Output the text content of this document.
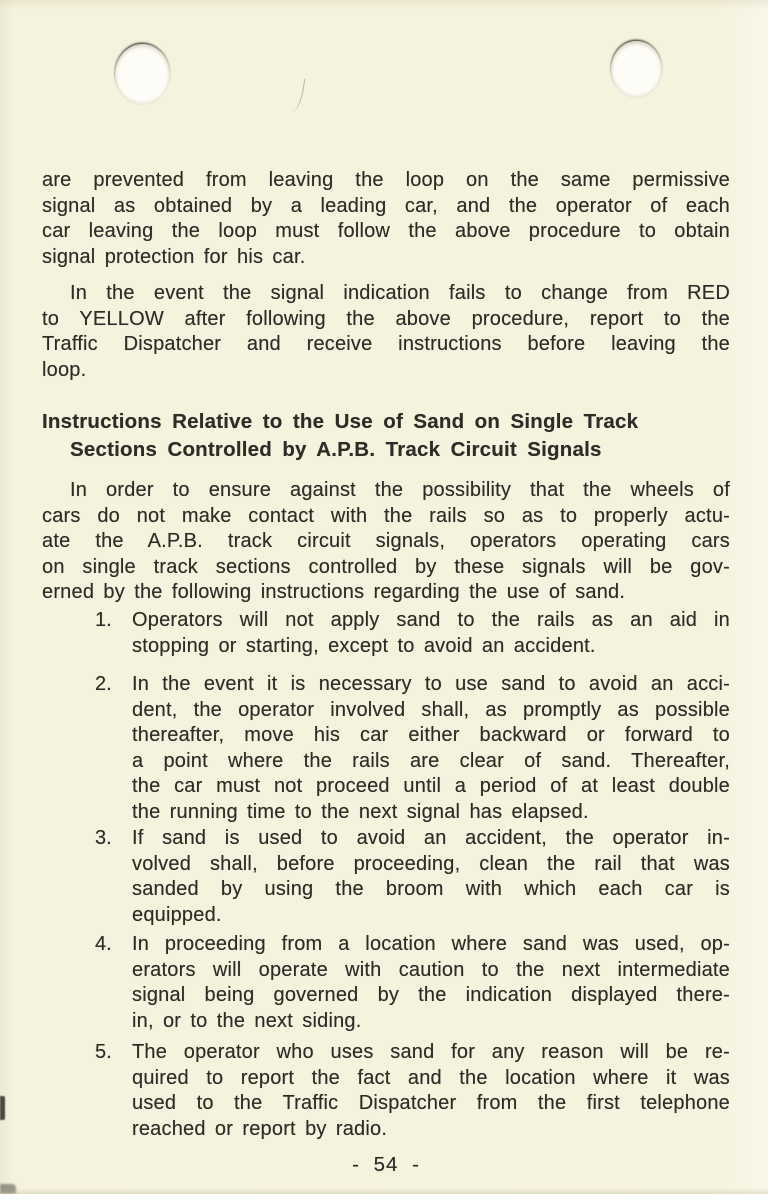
are prevented from leaving the loop on the same permissive
signal as obtained by a leading car, and the operator of each
car leaving the loop must follow the above procedure to obtain
signal protection for his car.
In the event the signal indication fails to change from RED
to YELLOW after following the above procedure, report to the
Traffic Dispatcher and receive instructions before leaving the
loop.
Instructions Relative to the Use of Sand on Single Track
Sections Controlled by A.P.B. Track Circuit Signals
In order to ensure against the possibility that the wheels of
cars do not make contact with the rails so as to properly actu-
ate the A.P.B. track circuit signals, operators operating cars
on single track sections controlled by these signals will be gov-
erned by the following instructions regarding the use of sand.
1. Operators will not apply sand to the rails as an aid in
stopping or starting, except to avoid an accident.
2. In the event it is necessary to use sand to avoid an acci-
dent, the operator involved shall, as promptly as possible
thereafter, move his car either backward or forward to
a point where the rails are clear of sand. Thereafter,
the car must not proceed until a period of at least double
the running time to the next signal has elapsed.
3. If sand is used to avoid an accident, the operator in-
volved shall, before proceeding, clean the rail that was
sanded by using the broom with which each car is
equipped.
4. In proceeding from a location where sand was used, op-
erators will operate with caution to the next intermediate
signal being governed by the indication displayed there-
in, or to the next siding.
5. The operator who uses sand for any reason will be re-
quired to report the fact and the location where it was
used to the Traffic Dispatcher from the first telephone
reached or report by radio.
- 54 -
